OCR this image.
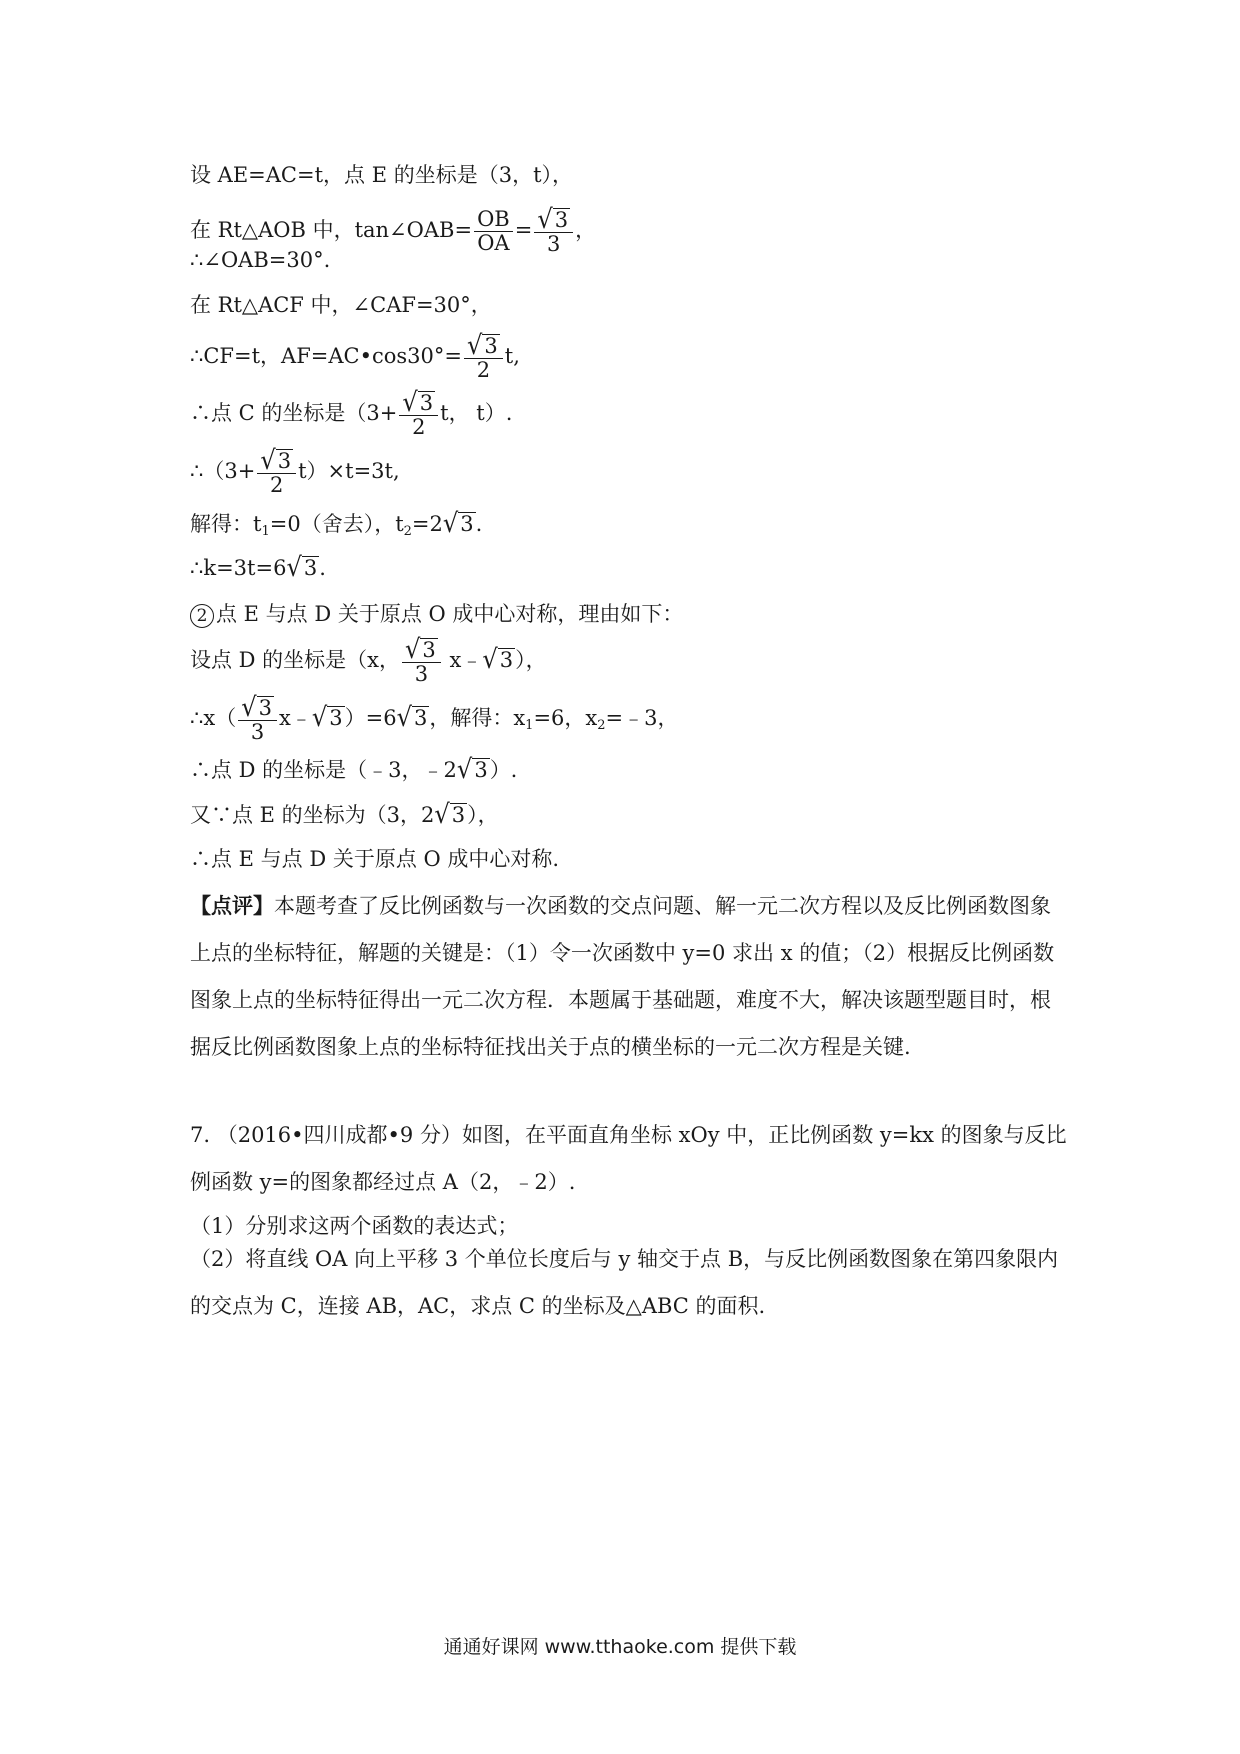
设 AE=AC=t，点 E 的坐标是（3，t），
在 Rt△AOB 中，tan∠OAB= $\frac{OB}{OA} = \frac{√ 3}{3}$ ，
∴∠OAB=30°.
在 Rt△ACF 中，∠CAF=30°，
∴CF=t，AF=AC•cos30°= $\frac{√ 3}{2} t$,
∴点 C 的坐标是（$3+ \frac{√ 3}{2}$ t， t）.
∴（3+ $\frac{√ 3}{2} t)\times t=3t$,
解得：$t_1=0$（舍去），$t_2=2$ √ 3 .
∴k=3t=6 √ 3 .
2 点 E 与点 D 关于原点 O 成中心对称，理由如下：
设点 D 的坐标是（x， $\frac{√ 3}{3}$ x﹣ √ 3 ），
∴x（ $\frac{√ 3}{3}$ x﹣ √ 3 ）=6 √ 3 ，解得：$x_1=6$，$x_2=﹣3$，
∴点 D 的坐标是（﹣3，﹣2 √ 3 ）.
又∵点 E 的坐标为（3，2 √ 3 ），
∴点 E 与点 D 关于原点 O 成中心对称.
【点评】本题考查了反比例函数与一次函数的交点问题、解一元二次方程以及反比例函数图象上点的坐标特征，解题的关键是：（1）令一次函数中 y=0 求出 x 的值；（2）根据反比例函数图象上点的坐标特征得出一元二次方程．本题属于基础题，难度不大，解决该题型题目时，根据反比例函数图象上点的坐标特征找出关于点的横坐标的一元二次方程是关键.
7. （2016•四川成都•9 分）如图，在平面直角坐标 xOy 中，正比例函数 y=kx 的图象与反比例函数 y=的图象都经过点 A（2，﹣2）.
（1）分别求这两个函数的表达式；
（2）将直线 OA 向上平移 3 个单位长度后与 y 轴交于点 B，与反比例函数图象在第四象限内的交点为 C，连接 AB，AC，求点 C 的坐标及△ABC 的面积.
通通好课网 www.tthaoke.com 提供下载
